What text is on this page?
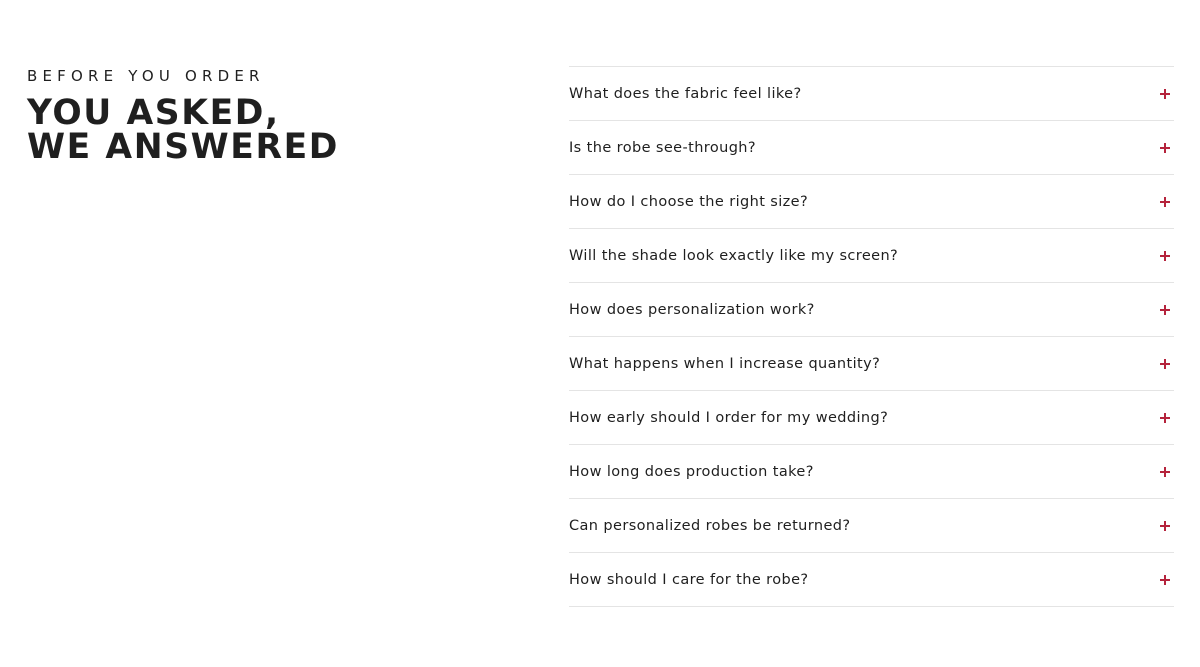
BEFORE YOU ORDER

YOU ASKED, WE ANSWERED
What does the fabric feel like?
Is the robe see-through?
How do I choose the right size?
Will the shade look exactly like my screen?
How does personalization work?
What happens when I increase quantity?
How early should I order for my wedding?
How long does production take?
Can personalized robes be returned?
How should I care for the robe?
